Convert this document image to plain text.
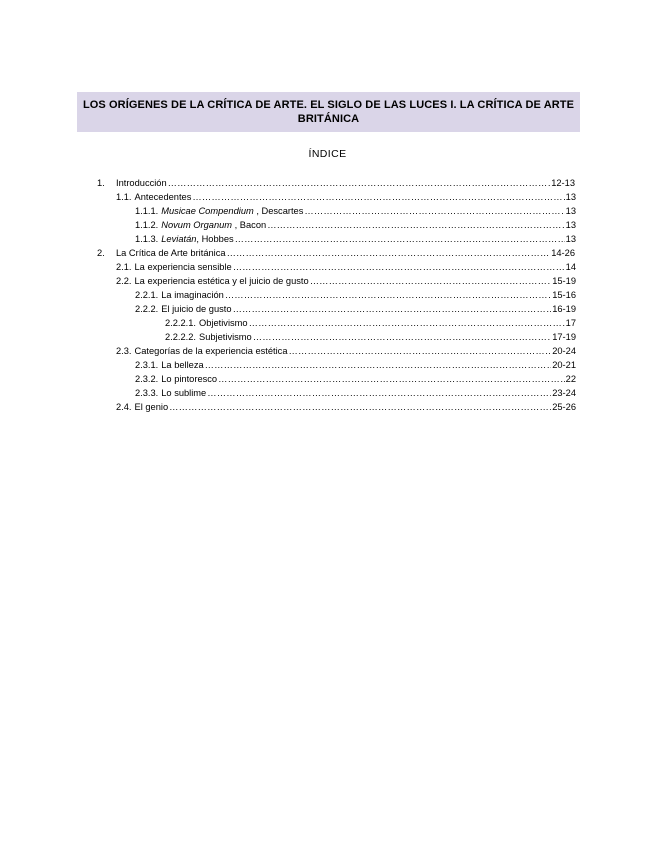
LOS ORÍGENES DE LA CRÍTICA DE ARTE. EL SIGLO DE LAS LUCES I. LA CRÍTICA DE ARTE BRITÁNICA
ÍNDICE
1.	Introducción …………………………………………………………………………………………………………………………………………………………………………………………………………………………………………	12-13
1.1. Antecedentes …………………………………………………………………………………………………………………………………………………………………………………………………………………………………………	13
1.1.1. Musicae Compendium , Descartes …………………………………………………………………………………………………………………………………………………………………………………………………………………………………………	13
1.1.2. Novum Organum , Bacon …………………………………………………………………………………………………………………………………………………………………………………………………………………………………………	13
1.1.3. Leviatán, Hobbes …………………………………………………………………………………………………………………………………………………………………………………………………………………………………………	13
2.	La Crítica de Arte británica …………………………………………………………………………………………………………………………………………………………………………………………………………………………………………	14-26
2.1. La experiencia sensible …………………………………………………………………………………………………………………………………………………………………………………………………………………………………………	14
2.2. La experiencia estética y el juicio de gusto …………………………………………………………………………………………………………………………………………………………………………………………………………………………………………	15-19
2.2.1. La imaginación …………………………………………………………………………………………………………………………………………………………………………………………………………………………………………	15-16
2.2.2. El juicio de gusto …………………………………………………………………………………………………………………………………………………………………………………………………………………………………………	16-19
2.2.2.1. Objetivismo …………………………………………………………………………………………………………………………………………………………………………………………………………………………………………	17
2.2.2.2. Subjetivismo …………………………………………………………………………………………………………………………………………………………………………………………………………………………………………	17-19
2.3. Categorías de la experiencia estética …………………………………………………………………………………………………………………………………………………………………………………………………………………………………………	20-24
2.3.1. La belleza …………………………………………………………………………………………………………………………………………………………………………………………………………………………………………	20-21
2.3.2. Lo pintoresco …………………………………………………………………………………………………………………………………………………………………………………………………………………………………………	22
2.3.3. Lo sublime …………………………………………………………………………………………………………………………………………………………………………………………………………………………………………	23-24
2.4. El genio …………………………………………………………………………………………………………………………………………………………………………………………………………………………………………	25-26
